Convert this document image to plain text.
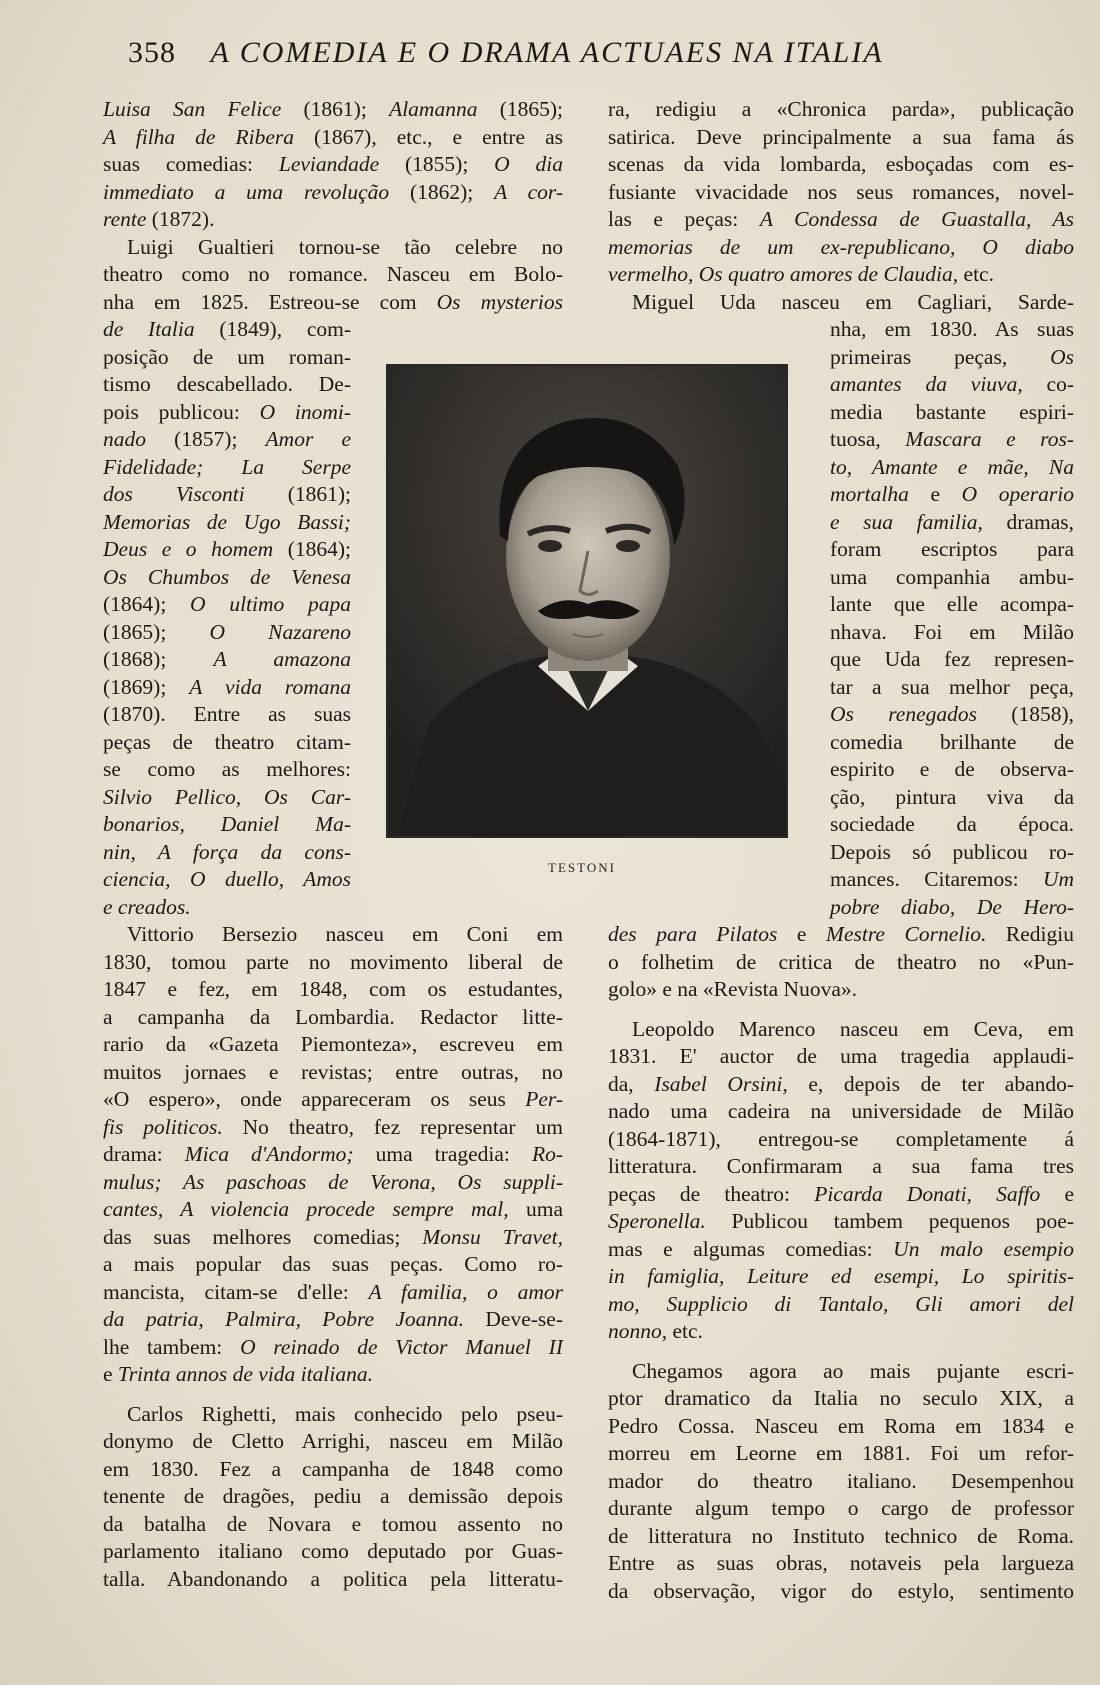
358 A COMEDIA E O DRAMA ACTUAES NA ITALIA
Luisa San Felice (1861); Alamanna (1865);
A filha de Ribera (1867), etc., e entre as
suas comedias: Leviandade (1855); O dia
immediato a uma revolução (1862); A cor-
rente (1872).
Luigi Gualtieri tornou-se tão celebre no
theatro como no romance. Nasceu em Bolo-
nha em 1825. Estreou-se com Os mysterios
de Italia (1849), com-
posição de um roman-
tismo descabellado. De-
pois publicou: O inomi-
nado (1857); Amor e
Fidelidade; La Serpe
dos Visconti (1861);
Memorias de Ugo Bassi;
Deus e o homem (1864);
Os Chumbos de Venesa
(1864); O ultimo papa
(1865); O Nazareno
(1868); A amazona
(1869); A vida romana
(1870). Entre as suas
peças de theatro citam-
se como as melhores:
Silvio Pellico, Os Car-
bonarios, Daniel Ma-
nin, A força da cons-
ciencia, O duello, Amos
e creados.
Vittorio Bersezio nasceu em Coni em
1830, tomou parte no movimento liberal de
1847 e fez, em 1848, com os estudantes,
a campanha da Lombardia. Redactor litte-
rario da «Gazeta Piemonteza», escreveu em
muitos jornaes e revistas; entre outras, no
«O espero», onde appareceram os seus Per-
fis politicos. No theatro, fez representar um
drama: Mica d'Andormo; uma tragedia: Ro-
mulus; As paschoas de Verona, Os suppli-
cantes, A violencia procede sempre mal, uma
das suas melhores comedias; Monsu Travet,
a mais popular das suas peças. Como ro-
mancista, citam-se d'elle: A familia, o amor
da patria, Palmira, Pobre Joanna. Deve-se-
lhe tambem: O reinado de Victor Manuel II
e Trinta annos de vida italiana.
Carlos Righetti, mais conhecido pelo pseu-
donymo de Cletto Arrighi, nasceu em Milão
em 1830. Fez a campanha de 1848 como
tenente de dragões, pediu a demissão depois
da batalha de Novara e tomou assento no
parlamento italiano como deputado por Guas-
talla. Abandonando a politica pela litteratu-
ra, redigiu a «Chronica parda», publicação
satirica. Deve principalmente a sua fama ás
scenas da vida lombarda, esboçadas com es-
fusiante vivacidade nos seus romances, novel-
las e peças: A Condessa de Guastalla, As
memorias de um ex-republicano, O diabo
vermelho, Os quatro amores de Claudia, etc.
Miguel Uda nasceu em Cagliari, Sarde-
nha, em 1830. As suas
primeiras peças, Os
amantes da viuva, co-
media bastante espiri-
tuosa, Mascara e ros-
to, Amante e mãe, Na
mortalha e O operario
e sua familia, dramas,
foram escriptos para
uma companhia ambu-
lante que elle acompa-
nhava. Foi em Milão
que Uda fez represen-
tar a sua melhor peça,
Os renegados (1858),
comedia brilhante de
espirito e de observa-
ção, pintura viva da
sociedade da época.
Depois só publicou ro-
mances. Citaremos: Um
pobre diabo, De Hero-
des para Pilatos e Mestre Cornelio. Redigiu
o folhetim de critica de theatro no «Pun-
golo» e na «Revista Nuova».
Leopoldo Marenco nasceu em Ceva, em
1831. E' auctor de uma tragedia applaudi-
da, Isabel Orsini, e, depois de ter abando-
nado uma cadeira na universidade de Milão
(1864-1871), entregou-se completamente á
litteratura. Confirmaram a sua fama tres
peças de theatro: Picarda Donati, Saffo e
Speronella. Publicou tambem pequenos poe-
mas e algumas comedias: Un malo esempio
in famiglia, Leiture ed esempi, Lo spiritis-
mo, Supplicio di Tantalo, Gli amori del
nonno, etc.
Chegamos agora ao mais pujante escri-
ptor dramatico da Italia no seculo XIX, a
Pedro Cossa. Nasceu em Roma em 1834 e
morreu em Leorne em 1881. Foi um refor-
mador do theatro italiano. Desempenhou
durante algum tempo o cargo de professor
de litteratura no Instituto technico de Roma.
Entre as suas obras, notaveis pela largueza
da observação, vigor do estylo, sentimento
TESTONI
